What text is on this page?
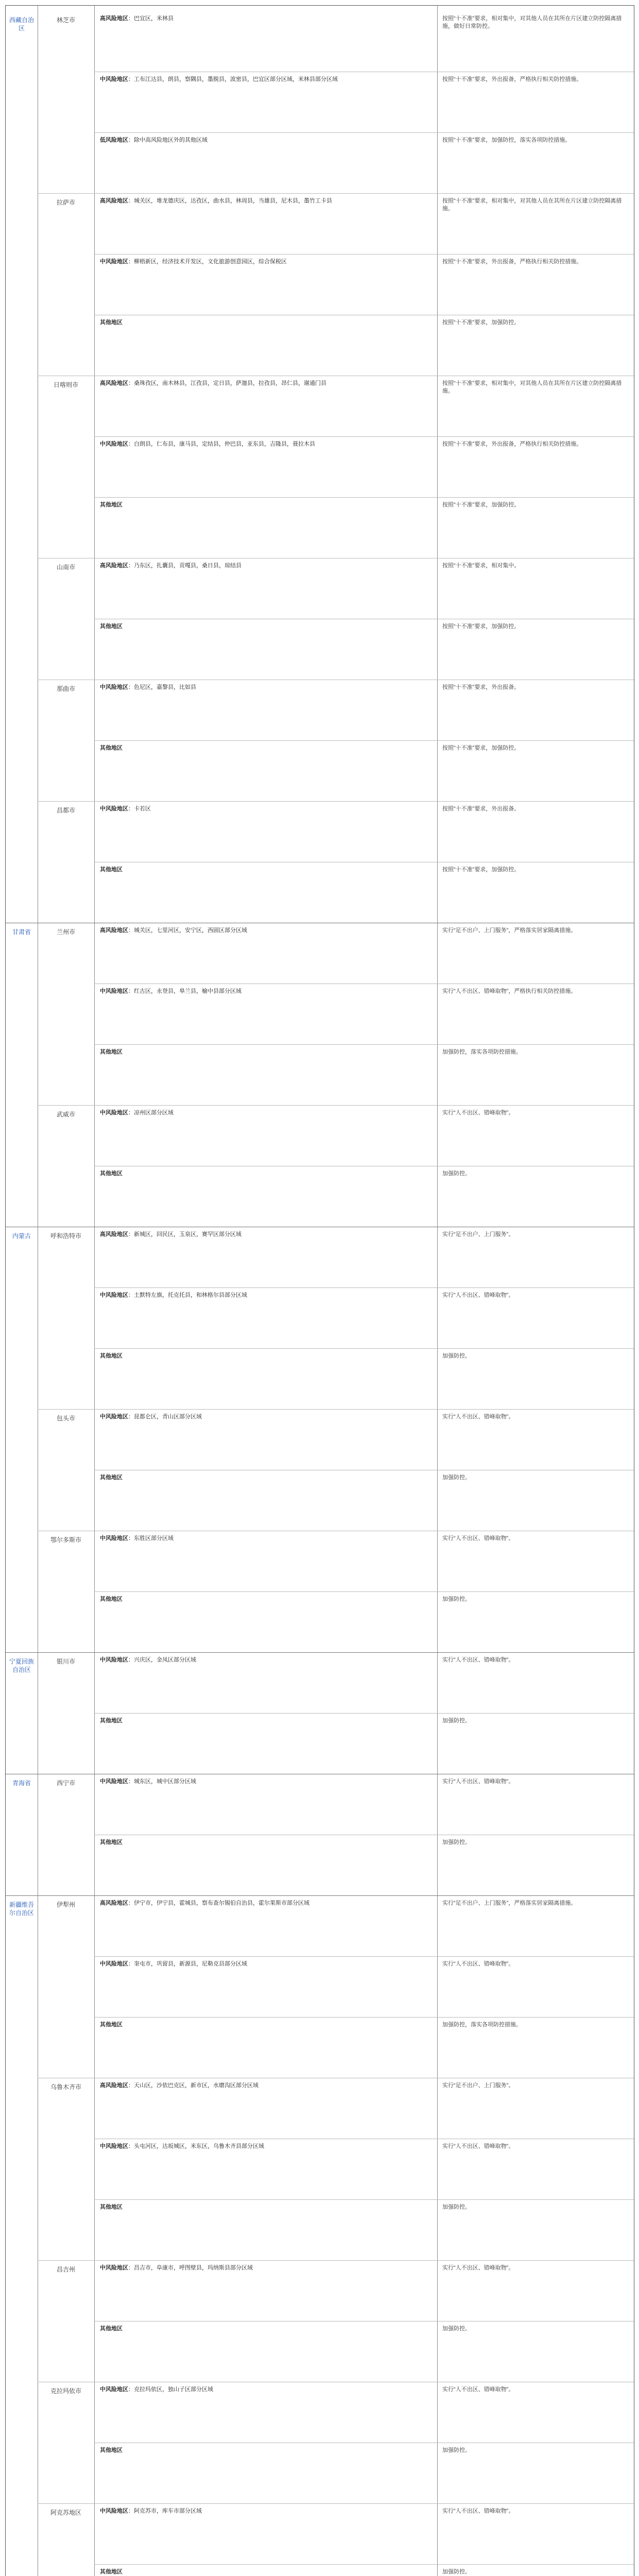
西藏自治区
林芝市	高风险地区：巴宜区，米林县	按照“十不准”要求，相对集中，对其他人员在其所在片区建立防控隔离措施，做好日常防控。
中风险地区：工布江达县，朗县，察隅县，墨脱县，波密县，巴宜区部分区域，米林县部分区域	按照“十不准”要求，外出报备，严格执行相关防控措施。
低风险地区：除中高风险地区外的其他区域	按照“十不准”要求，加强防控，落实各项防控措施。
拉萨市	高风险地区：城关区，堆龙德庆区，达孜区，曲水县，林周县，当雄县，尼木县，墨竹工卡县	按照“十不准”要求，相对集中，对其他人员在其所在片区建立防控隔离措施。
中风险地区：柳梧新区，经济技术开发区，文化旅游创意园区，综合保税区	按照“十不准”要求，外出报备，严格执行相关防控措施。
其他地区	按照“十不准”要求，加强防控。
日喀则市	高风险地区：桑珠孜区，南木林县，江孜县，定日县，萨迦县，拉孜县，昂仁县，谢通门县	按照“十不准”要求，相对集中，对其他人员在其所在片区建立防控隔离措施。
中风险地区：白朗县，仁布县，康马县，定结县，仲巴县，亚东县，吉隆县，聂拉木县	按照“十不准”要求，外出报备，严格执行相关防控措施。
其他地区	按照“十不准”要求，加强防控。
山南市	高风险地区：乃东区，扎囊县，贡嘎县，桑日县，琼结县	按照“十不准”要求，相对集中。
其他地区	按照“十不准”要求，加强防控。
那曲市	中风险地区：色尼区，嘉黎县，比如县	按照“十不准”要求，外出报备。
其他地区	按照“十不准”要求，加强防控。
昌都市	中风险地区：卡若区	按照“十不准”要求，外出报备。
其他地区	按照“十不准”要求，加强防控。
甘肃省	兰州市	高风险地区：城关区，七里河区，安宁区，西固区部分区域	实行“足不出户、上门服务”，严格落实居家隔离措施。
中风险地区：红古区，永登县，皋兰县，榆中县部分区域	实行“人不出区、错峰取物”，严格执行相关防控措施。
其他地区	加强防控，落实各项防控措施。
武威市	中风险地区：凉州区部分区域	实行“人不出区、错峰取物”。
其他地区	加强防控。
内蒙古	呼和浩特市	高风险地区：新城区，回民区，玉泉区，赛罕区部分区域	实行“足不出户、上门服务”。
中风险地区：土默特左旗，托克托县，和林格尔县部分区域	实行“人不出区、错峰取物”。
其他地区	加强防控。
包头市	中风险地区：昆都仑区，青山区部分区域	实行“人不出区、错峰取物”。
其他地区	加强防控。
鄂尔多斯市	中风险地区：东胜区部分区域	实行“人不出区、错峰取物”。
其他地区	加强防控。
宁夏回族自治区
银川市	中风险地区：兴庆区，金凤区部分区域	实行“人不出区、错峰取物”。
其他地区	加强防控。
青海省	西宁市	中风险地区：城东区，城中区部分区域	实行“人不出区、错峰取物”。
其他地区	加强防控。
新疆维吾尔自治区
伊犁州	高风险地区：伊宁市，伊宁县，霍城县，察布查尔锡伯自治县，霍尔果斯市部分区域	实行“足不出户、上门服务”，严格落实居家隔离措施。
中风险地区：奎屯市，巩留县，新源县，尼勒克县部分区域	实行“人不出区、错峰取物”。
其他地区	加强防控，落实各项防控措施。
乌鲁木齐市	高风险地区：天山区，沙依巴克区，新市区，水磨沟区部分区域	实行“足不出户、上门服务”。
中风险地区：头屯河区，达坂城区，米东区，乌鲁木齐县部分区域	实行“人不出区、错峰取物”。
其他地区	加强防控。
昌吉州	中风险地区：昌吉市，阜康市，呼图壁县，玛纳斯县部分区域	实行“人不出区、错峰取物”。
其他地区	加强防控。
克拉玛依市	中风险地区：克拉玛依区，独山子区部分区域	实行“人不出区、错峰取物”。
其他地区	加强防控。
阿克苏地区	中风险地区：阿克苏市，库车市部分区域	实行“人不出区、错峰取物”。
其他地区	加强防控。
